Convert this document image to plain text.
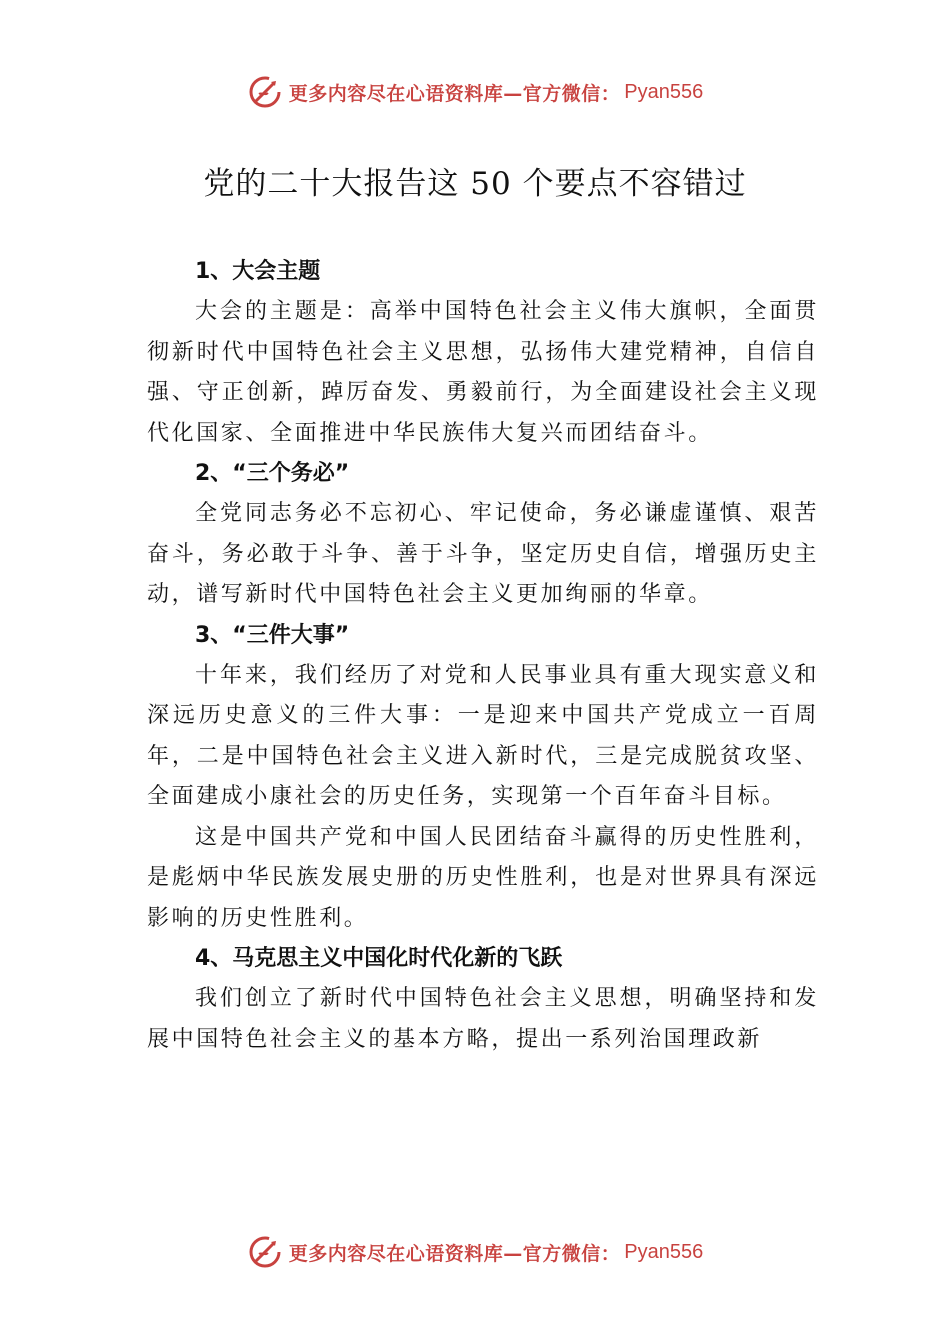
更多内容尽在心语资料库—官方微信： Pyan556
党的二十大报告这 50 个要点不容错过

1、大会主题

大会的主题是：高举中国特色社会主义伟大旗帜，全面贯彻新时代中国特色社会主义思想，弘扬伟大建党精神，自信自强、守正创新，踔厉奋发、勇毅前行，为全面建设社会主义现代化国家、全面推进中华民族伟大复兴而团结奋斗。

2、“三个务必”

全党同志务必不忘初心、牢记使命，务必谦虚谨慎、艰苦奋斗，务必敢于斗争、善于斗争，坚定历史自信，增强历史主动，谱写新时代中国特色社会主义更加绚丽的华章。

3、“三件大事”

十年来，我们经历了对党和人民事业具有重大现实意义和深远历史意义的三件大事：一是迎来中国共产党成立一百周年，二是中国特色社会主义进入新时代，三是完成脱贫攻坚、全面建成小康社会的历史任务，实现第一个百年奋斗目标。

这是中国共产党和中国人民团结奋斗赢得的历史性胜利，是彪炳中华民族发展史册的历史性胜利，也是对世界具有深远影响的历史性胜利。

4、马克思主义中国化时代化新的飞跃

我们创立了新时代中国特色社会主义思想，明确坚持和发展中国特色社会主义的基本方略，提出一系列治国理政新

更多内容尽在心语资料库—官方微信： Pyan556
